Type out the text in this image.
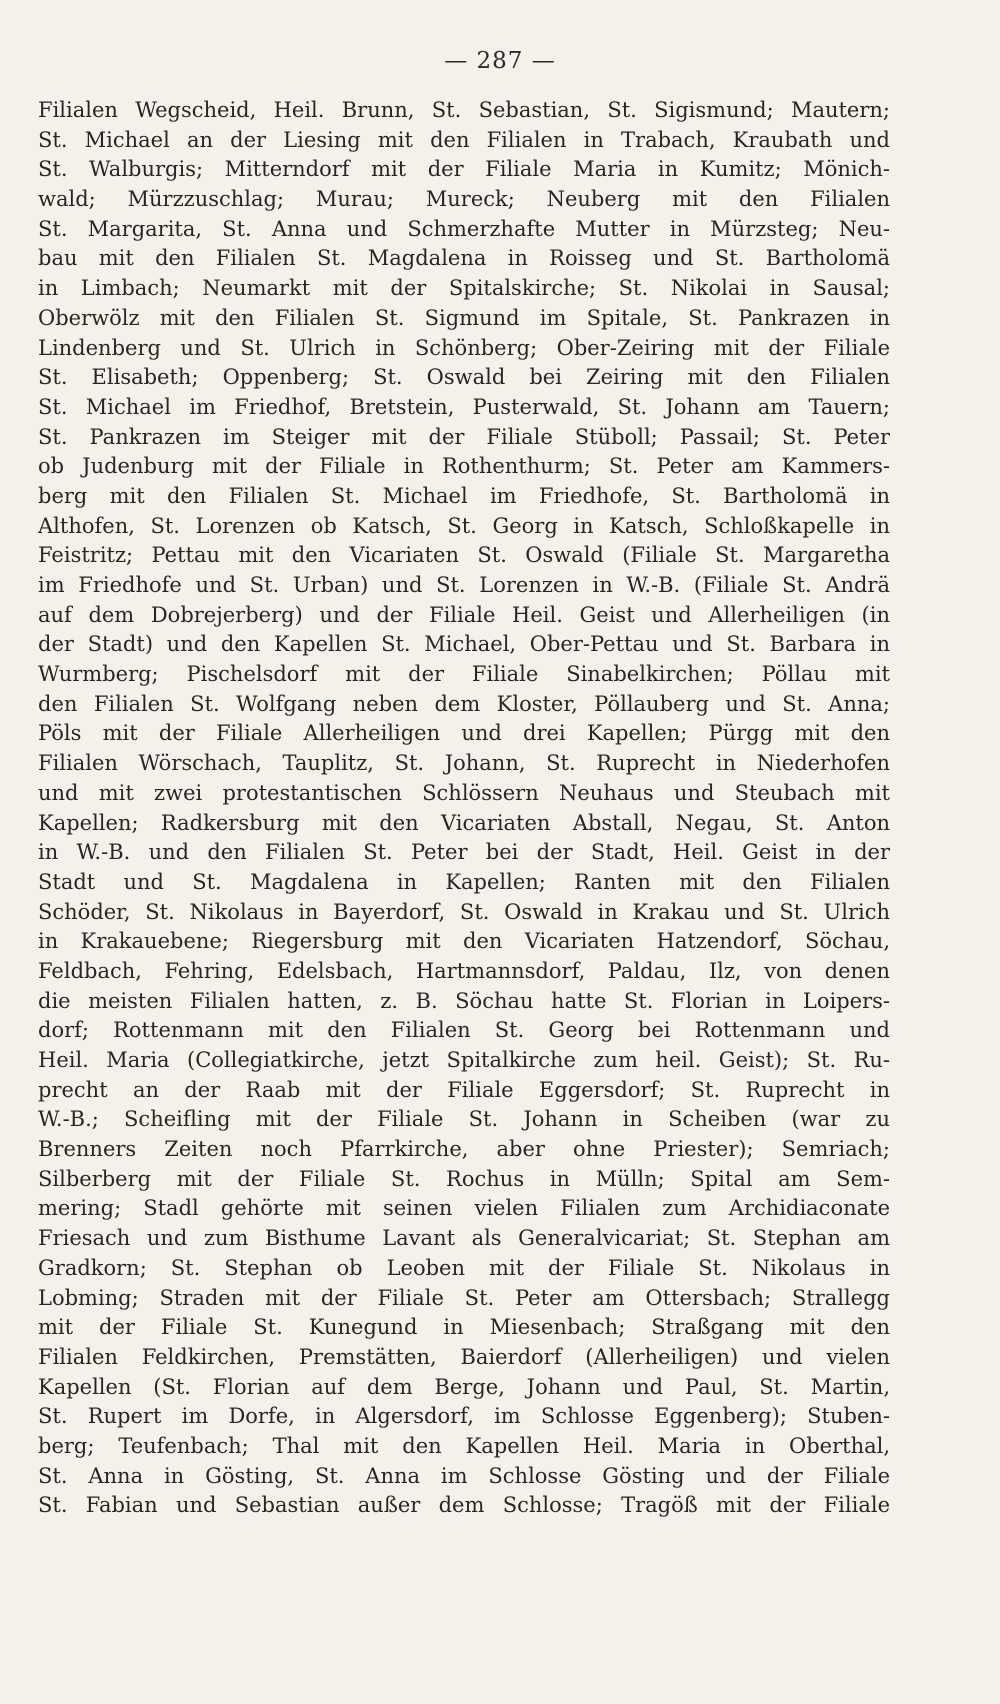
— 287 —
Filialen Wegscheid, Heil. Brunn, St. Sebastian, St. Sigismund; Mautern;
St. Michael an der Liesing mit den Filialen in Trabach, Kraubath und
St. Walburgis; Mitterndorf mit der Filiale Maria in Kumitz; Mönich-
wald; Mürzzuschlag; Murau; Mureck; Neuberg mit den Filialen
St. Margarita, St. Anna und Schmerzhafte Mutter in Mürzsteg; Neu-
bau mit den Filialen St. Magdalena in Roisseg und St. Bartholomä
in Limbach; Neumarkt mit der Spitalskirche; St. Nikolai in Sausal;
Oberwölz mit den Filialen St. Sigmund im Spitale, St. Pankrazen in
Lindenberg und St. Ulrich in Schönberg; Ober-Zeiring mit der Filiale
St. Elisabeth; Oppenberg; St. Oswald bei Zeiring mit den Filialen
St. Michael im Friedhof, Bretstein, Pusterwald, St. Johann am Tauern;
St. Pankrazen im Steiger mit der Filiale Stüboll; Passail; St. Peter
ob Judenburg mit der Filiale in Rothenthurm; St. Peter am Kammers-
berg mit den Filialen St. Michael im Friedhofe, St. Bartholomä in
Althofen, St. Lorenzen ob Katsch, St. Georg in Katsch, Schloßkapelle in
Feistritz; Pettau mit den Vicariaten St. Oswald (Filiale St. Margaretha
im Friedhofe und St. Urban) und St. Lorenzen in W.-B. (Filiale St. Andrä
auf dem Dobrejerberg) und der Filiale Heil. Geist und Allerheiligen (in
der Stadt) und den Kapellen St. Michael, Ober-Pettau und St. Barbara in
Wurmberg; Pischelsdorf mit der Filiale Sinabelkirchen; Pöllau mit
den Filialen St. Wolfgang neben dem Kloster, Pöllauberg und St. Anna;
Pöls mit der Filiale Allerheiligen und drei Kapellen; Pürgg mit den
Filialen Wörschach, Tauplitz, St. Johann, St. Ruprecht in Niederhofen
und mit zwei protestantischen Schlössern Neuhaus und Steubach mit
Kapellen; Radkersburg mit den Vicariaten Abstall, Negau, St. Anton
in W.-B. und den Filialen St. Peter bei der Stadt, Heil. Geist in der
Stadt und St. Magdalena in Kapellen; Ranten mit den Filialen
Schöder, St. Nikolaus in Bayerdorf, St. Oswald in Krakau und St. Ulrich
in Krakauebene; Riegersburg mit den Vicariaten Hatzendorf, Söchau,
Feldbach, Fehring, Edelsbach, Hartmannsdorf, Paldau, Ilz, von denen
die meisten Filialen hatten, z. B. Söchau hatte St. Florian in Loipers-
dorf; Rottenmann mit den Filialen St. Georg bei Rottenmann und
Heil. Maria (Collegiatkirche, jetzt Spitalkirche zum heil. Geist); St. Ru-
precht an der Raab mit der Filiale Eggersdorf; St. Ruprecht in
W.-B.; Scheifling mit der Filiale St. Johann in Scheiben (war zu
Brenners Zeiten noch Pfarrkirche, aber ohne Priester); Semriach;
Silberberg mit der Filiale St. Rochus in Mülln; Spital am Sem-
mering; Stadl gehörte mit seinen vielen Filialen zum Archidiaconate
Friesach und zum Bisthume Lavant als Generalvicariat; St. Stephan am
Gradkorn; St. Stephan ob Leoben mit der Filiale St. Nikolaus in
Lobming; Straden mit der Filiale St. Peter am Ottersbach; Strallegg
mit der Filiale St. Kunegund in Miesenbach; Straßgang mit den
Filialen Feldkirchen, Premstätten, Baierdorf (Allerheiligen) und vielen
Kapellen (St. Florian auf dem Berge, Johann und Paul, St. Martin,
St. Rupert im Dorfe, in Algersdorf, im Schlosse Eggenberg); Stuben-
berg; Teufenbach; Thal mit den Kapellen Heil. Maria in Oberthal,
St. Anna in Gösting, St. Anna im Schlosse Gösting und der Filiale
St. Fabian und Sebastian außer dem Schlosse; Tragöß mit der Filiale
